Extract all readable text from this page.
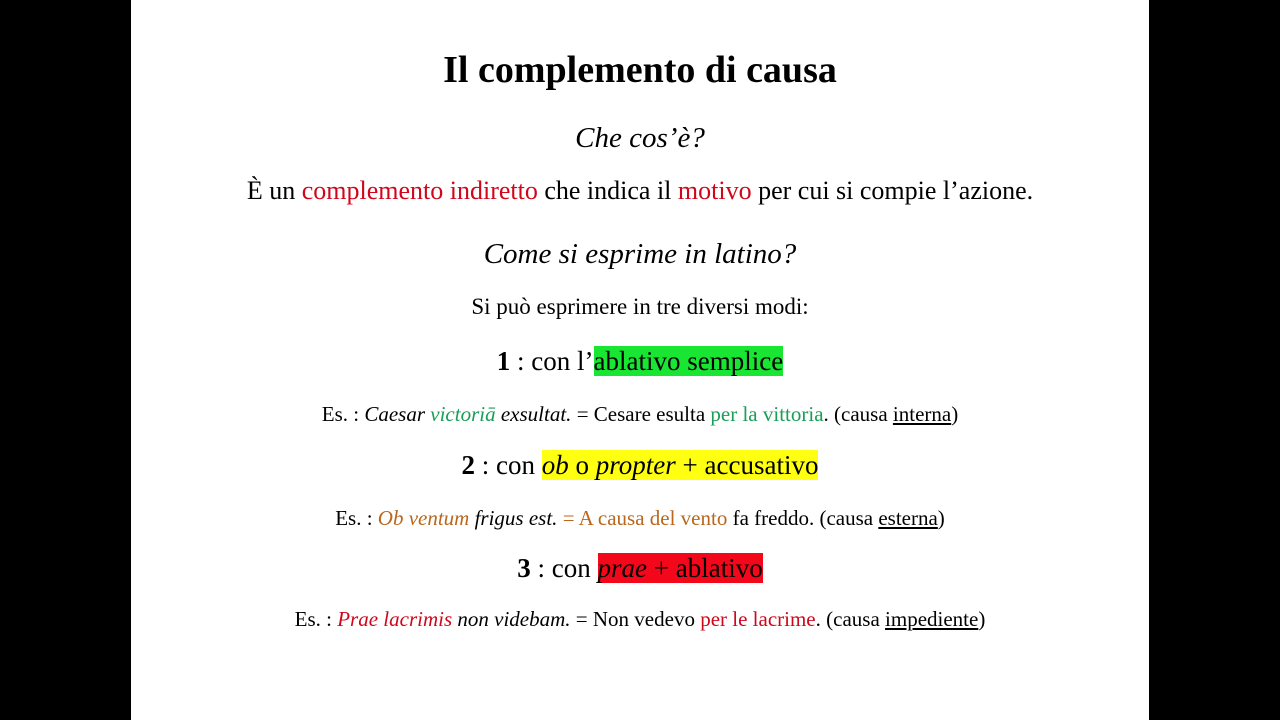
Il complemento di causa
Che cos’è?
È un complemento indiretto che indica il motivo per cui si compie l’azione.
Come si esprime in latino?
Si può esprimere in tre diversi modi:
1 : con l’ablativo semplice
Es. : Caesar victoriā exsultat. = Cesare esulta per la vittoria. (causa interna)
2 : con ob o propter + accusativo
Es. : Ob ventum frigus est. = A causa del vento fa freddo. (causa esterna)
3 : con prae + ablativo
Es. : Prae lacrimis non videbam. = Non vedevo per le lacrime. (causa impediente)
